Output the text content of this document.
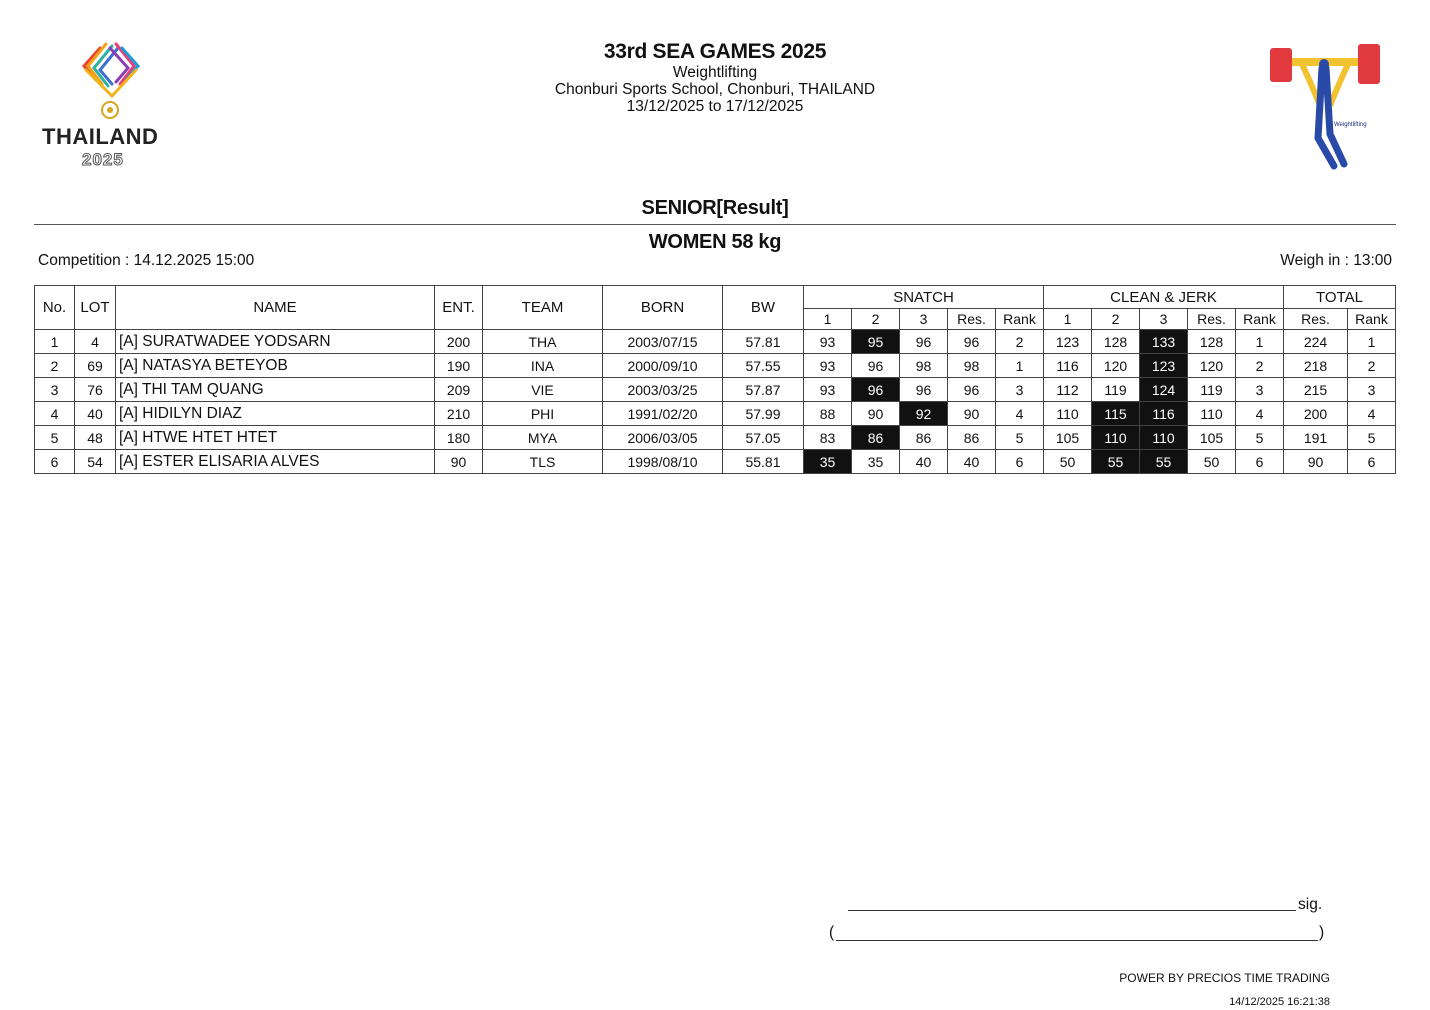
THAILAND
2025
33rd SEA GAMES 2025
Weightlifting
Chonburi Sports School, Chonburi, THAILAND
13/12/2025 to 17/12/2025
Weightlifting
SENIOR[Result]
WOMEN 58 kg
Competition : 14.12.2025 15:00	Weigh in : 13:00
No.	LOT	NAME	ENT.	TEAM	BORN	BW	SNATCH					CLEAN & JERK					TOTAL	
							1	2	3	Res.	Rank	1	2	3	Res.	Rank	Res.	Rank
1	4	[A] SURATWADEE YODSARN	200	THA	2003/07/15	57.81	93	95	96	96	2	123	128	133	128	1	224	1
2	69	[A] NATASYA BETEYOB	190	INA	2000/09/10	57.55	93	96	98	98	1	116	120	123	120	2	218	2
3	76	[A] THI TAM QUANG	209	VIE	2003/03/25	57.87	93	96	96	96	3	112	119	124	119	3	215	3
4	40	[A] HIDILYN DIAZ	210	PHI	1991/02/20	57.99	88	90	92	90	4	110	115	116	110	4	200	4
5	48	[A] HTWE HTET HTET	180	MYA	2006/03/05	57.05	83	86	86	86	5	105	110	110	105	5	191	5
6	54	[A] ESTER ELISARIA ALVES	90	TLS	1998/08/10	55.81	35	35	40	40	6	50	55	55	50	6	90	6
sig.
(	)
POWER BY PRECIOS TIME TRADING
14/12/2025 16:21:38
